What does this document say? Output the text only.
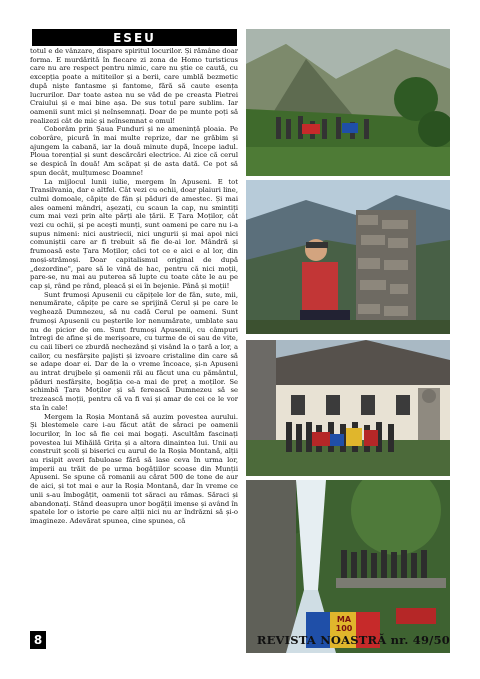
ESEU

totul e de vânzare, dispare spiritul locurilor. Și rămâne doar forma. E murdărită în fiecare zi zona de Homo turisticus care nu are respect pentru nimic, care nu știe ce caută, cu excepția poate a mititeilor și a berii, care umblă bezmetic după niște fantasme și fantome, fără să caute esența lucrurilor. Dar toate astea nu se văd de pe creasta Pietrei Craiului și e mai bine așa. De sus totul pare sublim. Iar oamenii sunt mici și neînsemnați. Doar de pe munte poți să realizezi cât de mic și neînsemnat e omul!

Coborâm prin Șaua Funduri și ne amenință ploaia. Pe coborâre, picură în mai multe reprize, dar ne grăbim și ajungem la cabană, iar la două minute după, începe iadul. Ploua torențial și sunt descărcări electrice. Ai zice că cerul se despică în două! Am scăpat și de asta dată. Ce pot să spun decât, mulțumesc Doamne!

La mijlocul lunii iulie, mergem în Apuseni. E tot Transilvania, dar e altfel. Cât vezi cu ochii, doar plaiuri line, culmi domoale, căpițe de fân și păduri de amestec. Și mai ales oameni mândri, așezați, cu scaun la cap, nu smintiți cum mai vezi prin alte părți ale țării. E Țara Moților, cât vezi cu ochii, și pe acești munți, sunt oameni pe care nu i-a supus nimeni: nici austriecii, nici ungurii și mai apoi nici comuniștii care ar fi trebuit să fie de-ai lor. Mândră și frumoasă este Țara Moților, căci tot ce e aici e al lor, din moși-strămoși. Doar capitalismul original de după „dezordine", pare să le vină de hac, pentru că nici moții, pare-se, nu mai au puterea să lupte cu toate câte le au pe cap și, rând pe rând, pleacă și ei în bejenie. Până și moții!

Sunt frumoși Apusenii cu căpițele lor de fân, sute, mii, nenumărate, căpițe pe care se sprijină Cerul și pe care le veghează Dumnezeu, să nu cadă Cerul pe oameni. Sunt frumoși Apusenii cu peșterile lor nenumărate, umblate sau nu de picior de om. Sunt frumoși Apusenii, cu câmpuri întregi de afine și de merișoare, cu turme de oi sau de vite, cu caii liberi ce zburdă nechezând și visând la o țară a lor, a cailor, cu nesfârșite pajiști și izvoare cristaline din care să se adape doar ei. Dar de la o vreme încoace, și-n Apuseni au intrat drujbele și oamenii răi au făcut una cu pământul, păduri nesfârșite, bogăția ce-a mai de preț a moților. Se schimbă Țara Moților și să ferească Dumnezeu să se trezească moții, pentru că va fi vai și amar de cei ce le vor sta în cale!

Mergem la Roșia Montană să auzim povestea aurului. Și blestemele care i-au făcut atât de săraci pe oamenii locurilor, în loc să fie cei mai bogați. Ascultăm fascinați povestea lui Mihăilă Grița și a altora dinaintea lui. Unii au construit școli și biserici cu aurul de la Roșia Montană, alții au risipit averi fabuloase fără să lase ceva în urma lor, imperii au trăit de pe urma bogățiilor scoase din Munții Apuseni. Se spune că romanii au cărat 500 de tone de aur de aici, și tot mai e aur la Roșia Montană, dar în vreme ce unii s-au îmbogățit, oamenii tot săraci au rămas. Săraci și abandonați. Stând deasupra unor bogății imense și având în spatele lor o istorie pe care alții nici nu ar îndrăzni să și-o imagineze. Adevărat spunea, cine spunea, că

MA 100
8	REVISTA NOASTRĂ nr. 49/50
